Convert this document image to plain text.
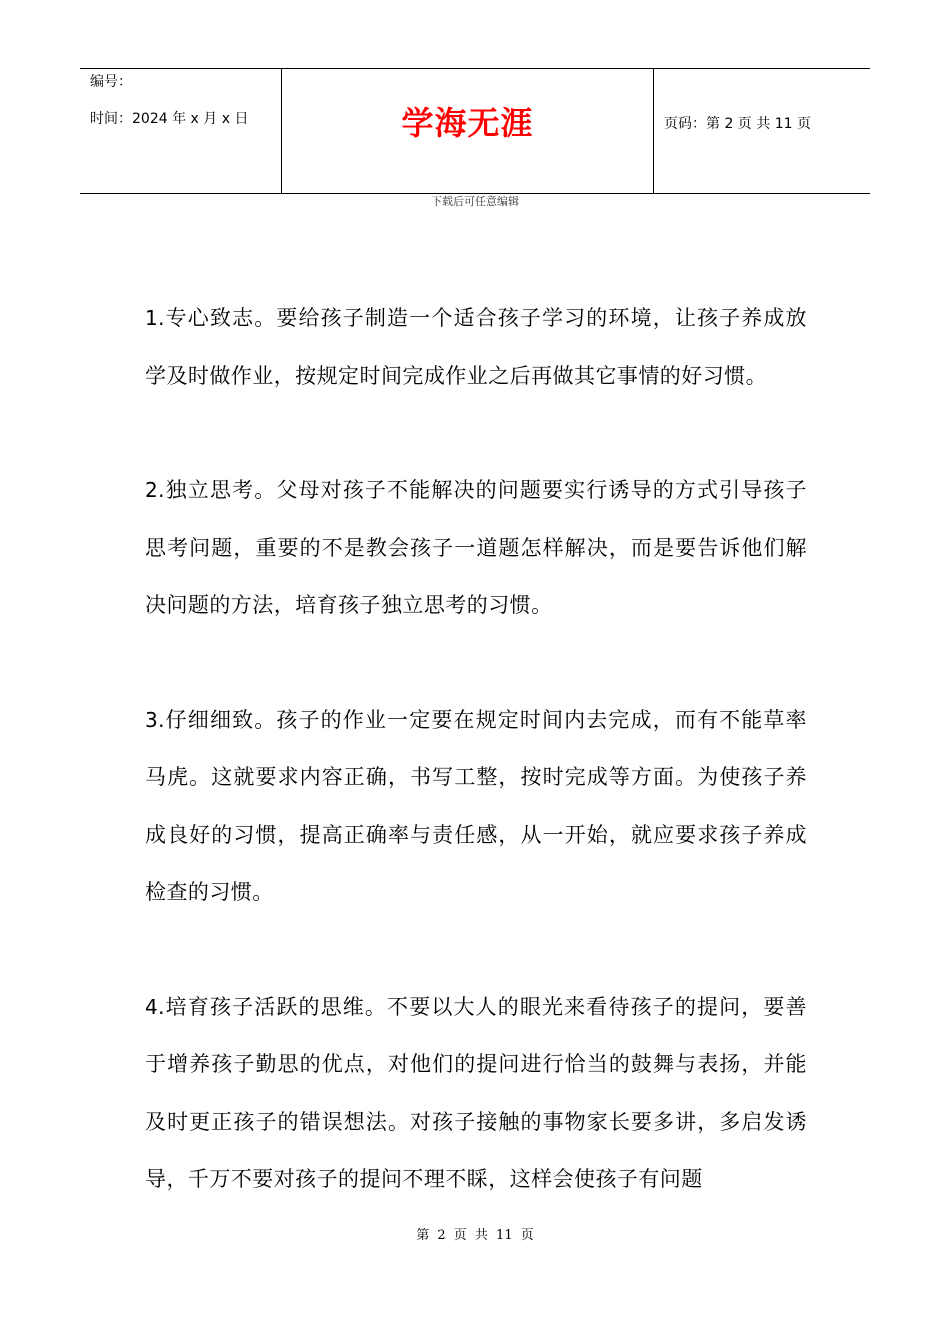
编号：
时间：2024 年 x 月 x 日	学海无涯	页码：第 2 页 共 11 页
下载后可任意编辑

1.专心致志。要给孩子制造一个适合孩子学习的环境，让孩子养成放学及时做作业，按规定时间完成作业之后再做其它事情的好习惯。

2.独立思考。父母对孩子不能解决的问题要实行诱导的方式引导孩子思考问题，重要的不是教会孩子一道题怎样解决，而是要告诉他们解决问题的方法，培育孩子独立思考的习惯。

3.仔细细致。孩子的作业一定要在规定时间内去完成，而有不能草率马虎。这就要求内容正确，书写工整，按时完成等方面。为使孩子养成良好的习惯，提高正确率与责任感，从一开始，就应要求孩子养成检查的习惯。

4.培育孩子活跃的思维。不要以大人的眼光来看待孩子的提问，要善于增养孩子勤思的优点，对他们的提问进行恰当的鼓舞与表扬，并能及时更正孩子的错误想法。对孩子接触的事物家长要多讲，多启发诱导，千万不要对孩子的提问不理不睬，这样会使孩子有问题

第 2 页 共 11 页
